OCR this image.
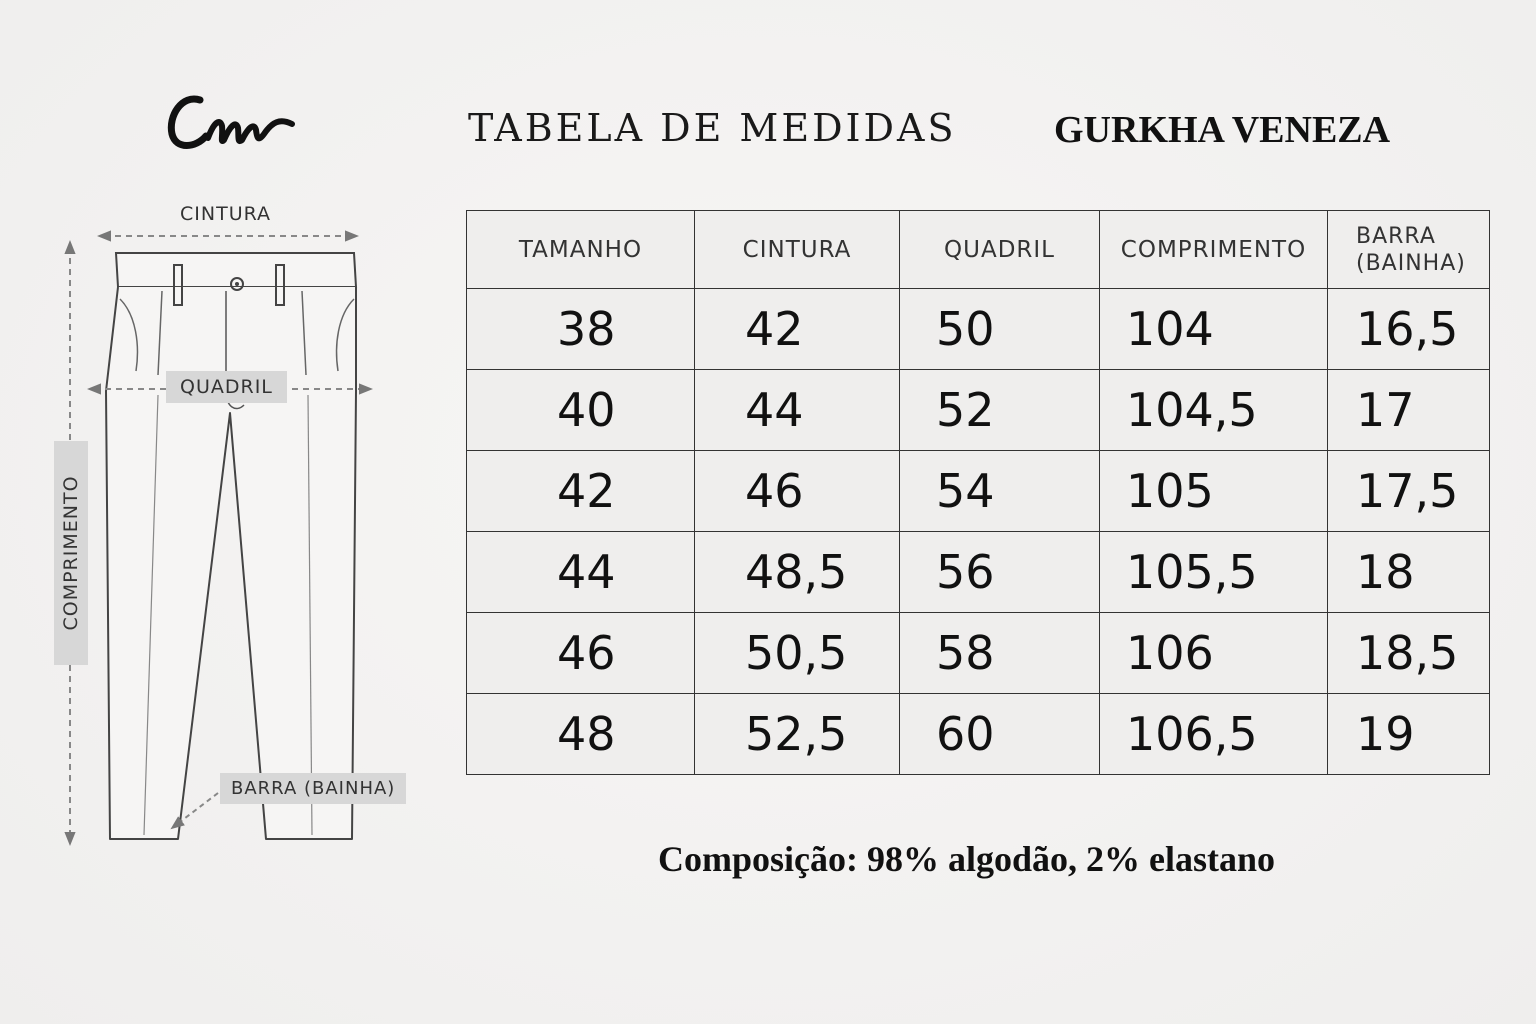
TABELA DE MEDIDAS	GURKHA VENEZA
CINTURA
QUADRIL
COMPRIMENTO
BARRA (BAINHA)
TAMANHO	CINTURA	QUADRIL	COMPRIMENTO	BARRA
(BAINHA)
38	42	50	104	16,5
40	44	52	104,5	17
42	46	54	105	17,5
44	48,5	56	105,5	18
46	50,5	58	106	18,5
48	52,5	60	106,5	19
Composição: 98% algodão, 2% elastano
